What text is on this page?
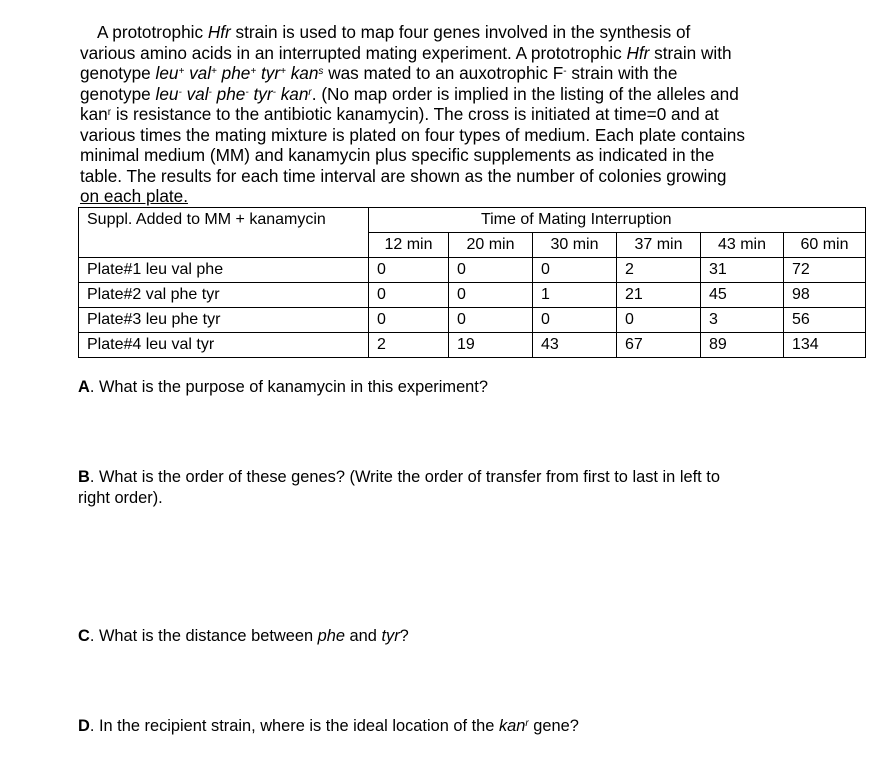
A prototrophic Hfr strain is used to map four genes involved in the synthesis of
various amino acids in an interrupted mating experiment. A prototrophic Hfr strain with
genotype leu+ val+ phe+ tyr+ kan$^s$ was mated to an auxotrophic F- strain with the
genotype leu- val- phe- tyr- kan$^r$. (No map order is implied in the listing of the alleles and
kan$^r$ is resistance to the antibiotic kanamycin). The cross is initiated at time=0 and at
various times the mating mixture is plated on four types of medium. Each plate contains
minimal medium (MM) and kanamycin plus specific supplements as indicated in the
table. The results for each time interval are shown as the number of colonies growing
on each plate.
Suppl. Added to MM + kanamycin	Time of Mating Interruption					
	12 min	20 min	30 min	37 min	43 min	60 min
Plate#1 leu val phe	0	0	0	2	31	72
Plate#2 val phe tyr	0	0	1	21	45	98
Plate#3 leu phe tyr	0	0	0	0	3	56
Plate#4 leu val tyr	2	19	43	67	89	134
A. What is the purpose of kanamycin in this experiment?
B. What is the order of these genes? (Write the order of transfer from first to last in left to
right order).
C. What is the distance between phe and tyr?
D. In the recipient strain, where is the ideal location of the kan$^r$ gene?
